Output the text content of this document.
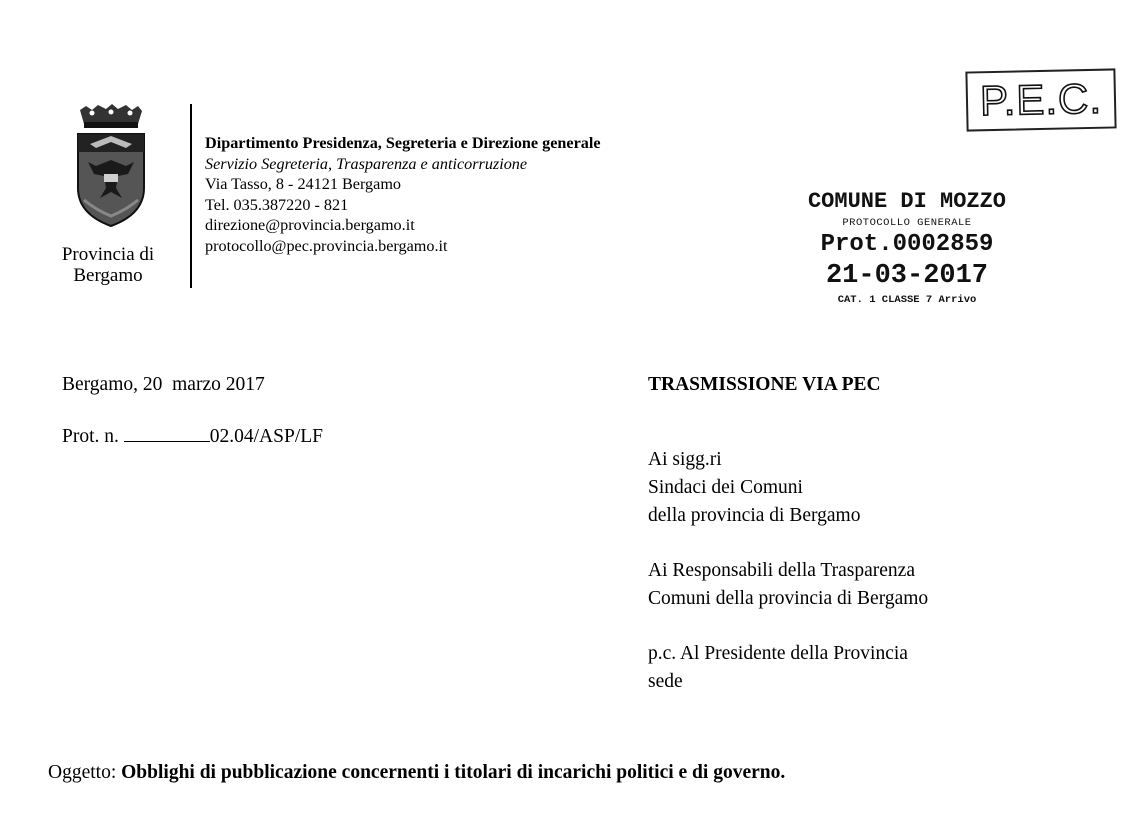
Provincia di
Bergamo
Dipartimento Presidenza, Segreteria e Direzione generale
Servizio Segreteria, Trasparenza e anticorruzione
Via Tasso, 8 - 24121 Bergamo
Tel. 035.387220 - 821
direzione@provincia.bergamo.it
protocollo@pec.provincia.bergamo.it
P.E.C.
COMUNE DI MOZZO
PROTOCOLLO GENERALE
Prot.0002859
21-03-2017
CAT. 1 CLASSE 7 Arrivo
Bergamo, 20  marzo 2017
Prot. n.	02.04/ASP/LF
TRASMISSIONE VIA PEC

Ai sigg.ri
Sindaci dei Comuni
della provincia di Bergamo

Ai Responsabili della Trasparenza
Comuni della provincia di Bergamo

p.c. Al Presidente della Provincia
sede

Oggetto: Obblighi di pubblicazione concernenti i titolari di incarichi politici e di governo.
